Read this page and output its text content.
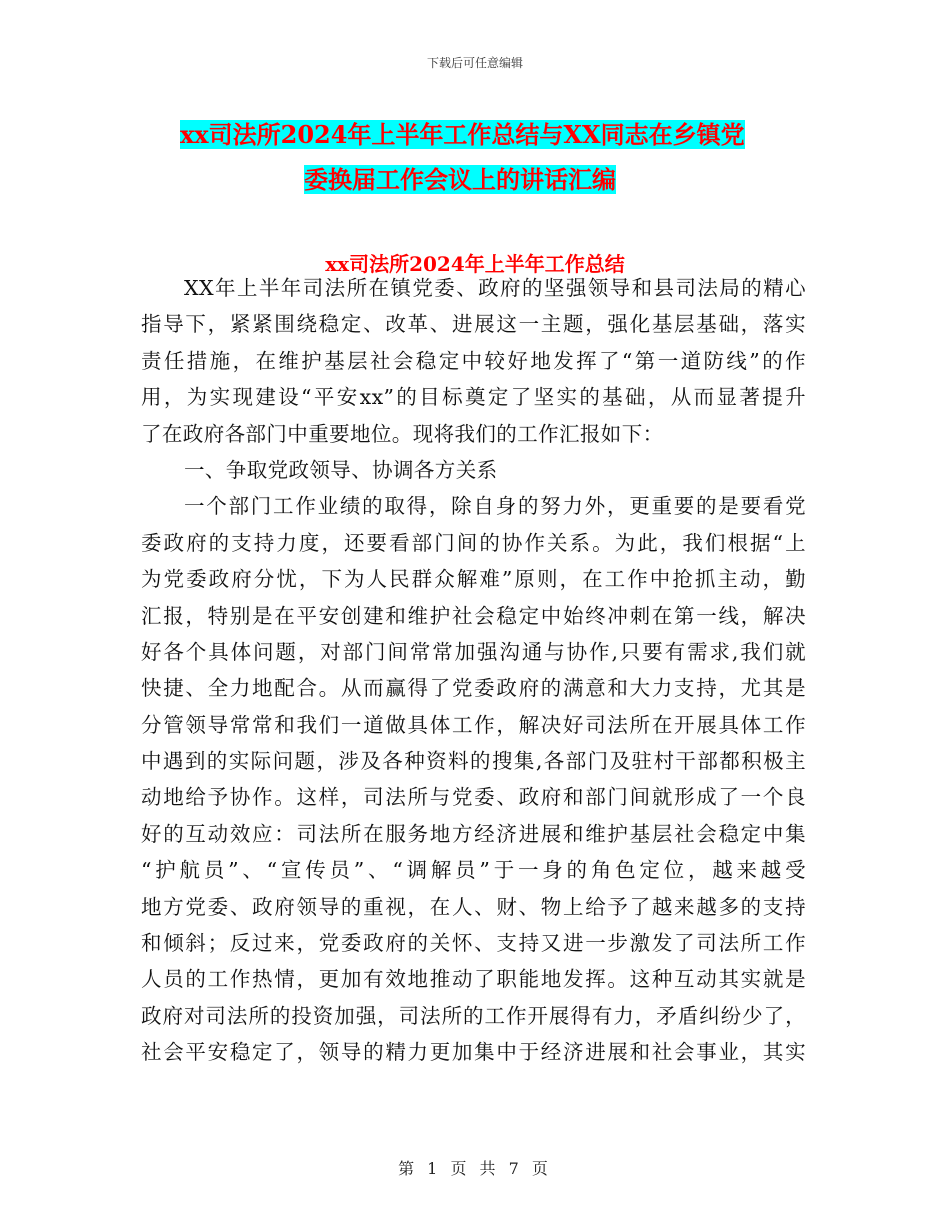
下载后可任意编辑
xx司法所2024年上半年工作总结与XX同志在乡镇党
委换届工作会议上的讲话汇编
xx司法所2024年上半年工作总结
XX年上半年司法所在镇党委、政府的坚强领导和县司法局的精心
指导下，紧紧围绕稳定、改革、进展这一主题，强化基层基础，落实
责任措施，在维护基层社会稳定中较好地发挥了“第一道防线”的作
用，为实现建设“平安xx”的目标奠定了坚实的基础，从而显著提升
了在政府各部门中重要地位。现将我们的工作汇报如下：
一、争取党政领导、协调各方关系
一个部门工作业绩的取得，除自身的努力外，更重要的是要看党
委政府的支持力度，还要看部门间的协作关系。为此，我们根据“上
为党委政府分忧，下为人民群众解难”原则，在工作中抢抓主动，勤
汇报，特别是在平安创建和维护社会稳定中始终冲刺在第一线，解决
好各个具体问题，对部门间常常加强沟通与协作,只要有需求,我们就
快捷、全力地配合。从而赢得了党委政府的满意和大力支持，尤其是
分管领导常常和我们一道做具体工作，解决好司法所在开展具体工作
中遇到的实际问题，涉及各种资料的搜集,各部门及驻村干部都积极主
动地给予协作。这样，司法所与党委、政府和部门间就形成了一个良
好的互动效应：司法所在服务地方经济进展和维护基层社会稳定中集
“护航员”、“宣传员”、“调解员”于一身的角色定位，越来越受
地方党委、政府领导的重视，在人、财、物上给予了越来越多的支持
和倾斜；反过来，党委政府的关怀、支持又进一步激发了司法所工作
人员的工作热情，更加有效地推动了职能地发挥。这种互动其实就是
政府对司法所的投资加强，司法所的工作开展得有力，矛盾纠纷少了，
社会平安稳定了，领导的精力更加集中于经济进展和社会事业，其实
第 1 页 共 7 页
